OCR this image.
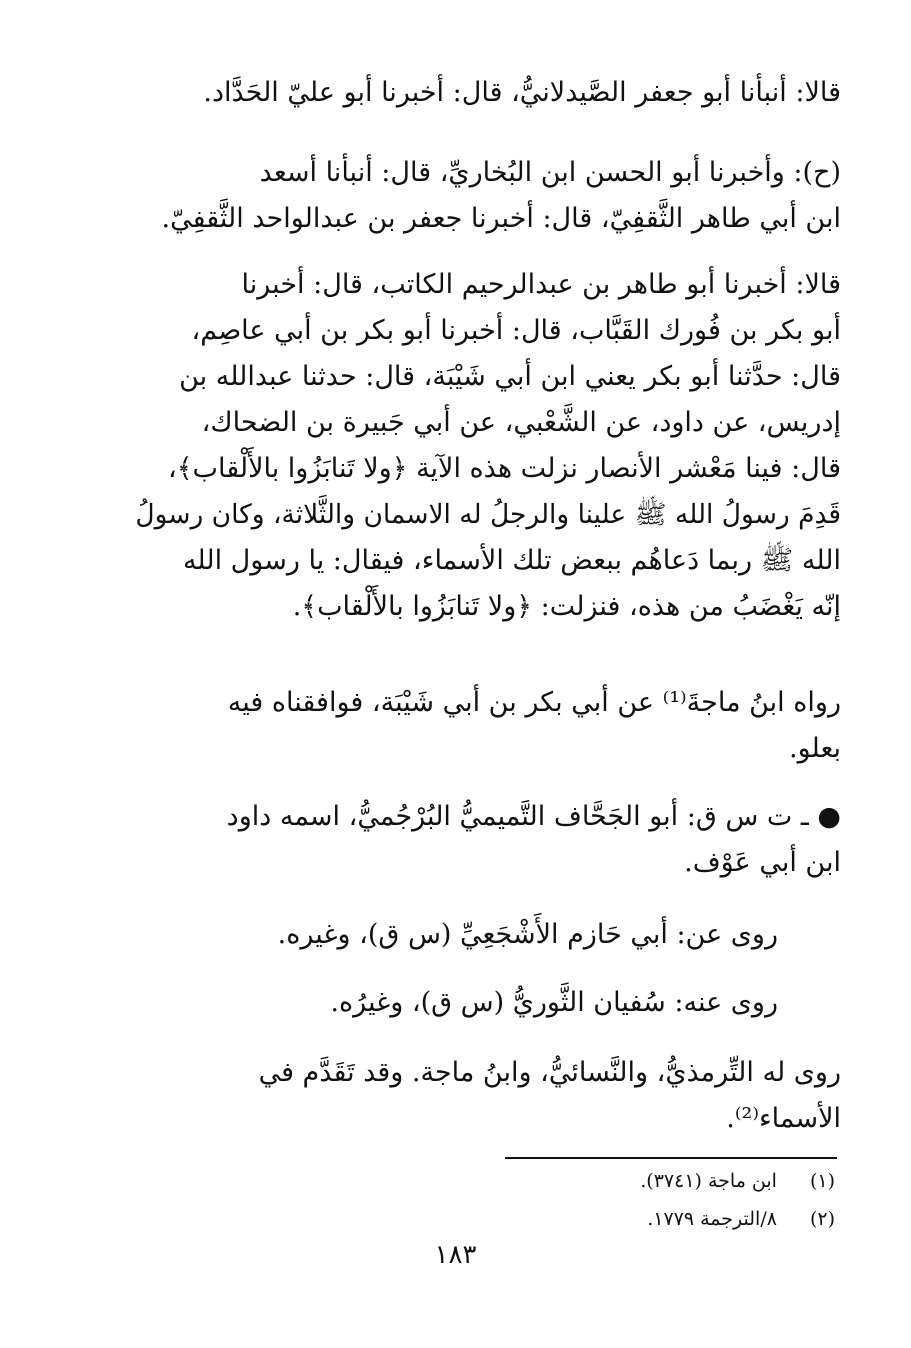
قالا: أنبأنا أبو جعفر الصَّيدلانيُّ، قال: أخبرنا أبو عليّ الحَدَّاد.

(ح): وأخبرنا أبو الحسن ابن البُخاريِّ، قال: أنبأنا أسعد
ابن أبي طاهر الثَّقفِيّ، قال: أخبرنا جعفر بن عبدالواحد الثَّقفِيّ.

قالا: أخبرنا أبو طاهر بن عبدالرحيم الكاتب، قال: أخبرنا
أبو بكر بن فُورك القَبَّاب، قال: أخبرنا أبو بكر بن أبي عاصِم،
قال: حدَّثنا أبو بكر يعني ابن أبي شَيْبَة، قال: حدثنا عبدالله بن
إدريس، عن داود، عن الشَّعْبي، عن أبي جَبيرة بن الضحاك،
قال: فينا مَعْشر الأنصار نزلت هذه الآية ﴿ولا تَنابَزُوا بالأَلْقاب﴾،
قَدِمَ رسولُ الله ﷺ علينا والرجلُ له الاسمان والثَّلاثة، وكان رسولُ
الله ﷺ ربما دَعاهُم ببعض تلك الأسماء، فيقال: يا رسول الله
إنّه يَغْضَبُ من هذه، فنزلت: ﴿ولا تَنابَزُوا بالأَلْقاب﴾.

رواه ابنُ ماجةَ⁽¹⁾ عن أبي بكر بن أبي شَيْبَة، فوافقناه فيه
بعلو.

● ـ ت س ق: أبو الجَحَّاف التَّميميُّ البُرْجُميُّ، اسمه داود
ابن أبي عَوْف.

روى عن: أبي حَازم الأَشْجَعِيِّ (س ق)، وغيره.

روى عنه: سُفيان الثَّوريُّ (س ق)، وغيرُه.

روى له التِّرمذيُّ، والنَّسائيُّ، وابنُ ماجة. وقد تَقَدَّم في
الأسماء⁽²⁾.

(١) ابن ماجة (٣٧٤١).
(٢) ٨/الترجمة ١٧٧٩.
١٨٣
